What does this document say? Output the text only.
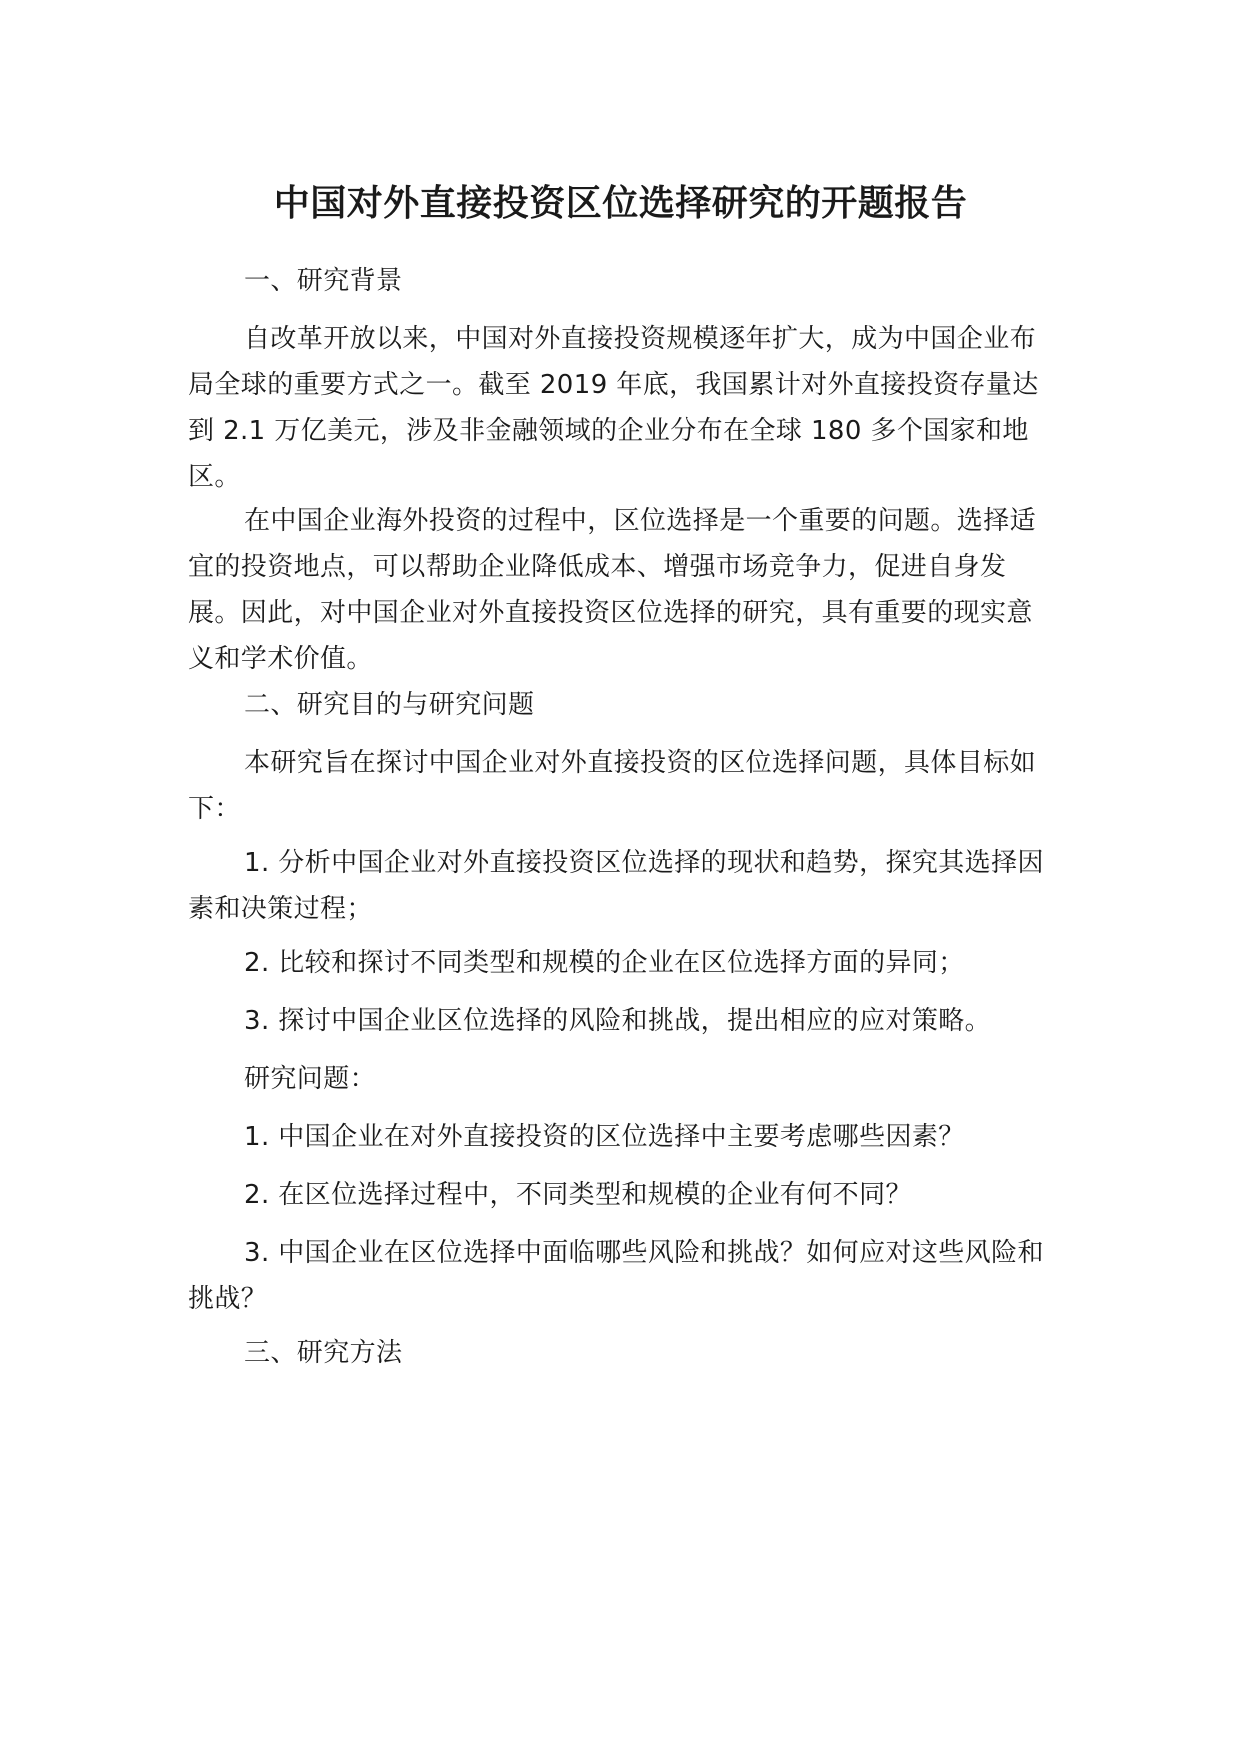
中国对外直接投资区位选择研究的开题报告
一、研究背景
自改革开放以来，中国对外直接投资规模逐年扩大，成为中国企业布局全球的重要方式之一。截至 2019 年底，我国累计对外直接投资存量达到 2.1 万亿美元，涉及非金融领域的企业分布在全球 180 多个国家和地区。
在中国企业海外投资的过程中，区位选择是一个重要的问题。选择适宜的投资地点，可以帮助企业降低成本、增强市场竞争力，促进自身发展。因此，对中国企业对外直接投资区位选择的研究，具有重要的现实意义和学术价值。
二、研究目的与研究问题
本研究旨在探讨中国企业对外直接投资的区位选择问题，具体目标如下：
1. 分析中国企业对外直接投资区位选择的现状和趋势，探究其选择因素和决策过程；
2. 比较和探讨不同类型和规模的企业在区位选择方面的异同；
3. 探讨中国企业区位选择的风险和挑战，提出相应的应对策略。
研究问题：
1. 中国企业在对外直接投资的区位选择中主要考虑哪些因素？
2. 在区位选择过程中，不同类型和规模的企业有何不同？
3. 中国企业在区位选择中面临哪些风险和挑战？如何应对这些风险和挑战？
三、研究方法
